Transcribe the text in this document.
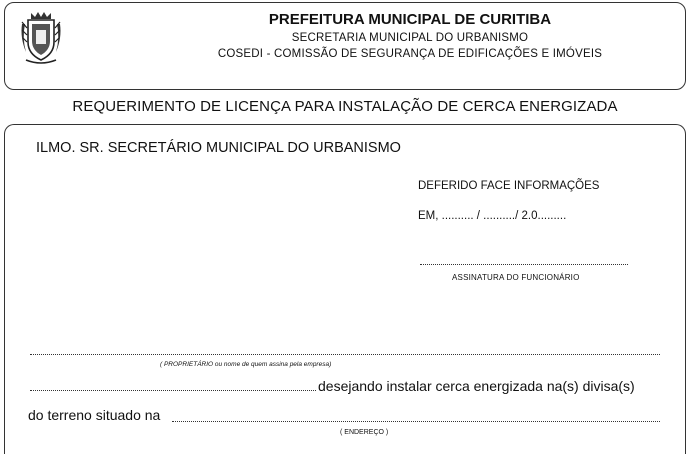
PREFEITURA MUNICIPAL DE CURITIBA
SECRETARIA MUNICIPAL DO URBANISMO
COSEDI - COMISSÃO DE SEGURANÇA DE EDIFICAÇÕES E IMÓVEIS
REQUERIMENTO DE LICENÇA PARA INSTALAÇÃO DE CERCA ENERGIZADA
ILMO. SR. SECRETÁRIO MUNICIPAL DO URBANISMO
DEFERIDO FACE INFORMAÇÕES
EM, .......... / ........../ 2.0.........
ASSINATURA DO FUNCIONÁRIO
( PROPRIETÁRIO ou nome de quem assina pela empresa)
desejando instalar cerca energizada na(s) divisa(s)
do terreno situado na
( ENDEREÇO )
